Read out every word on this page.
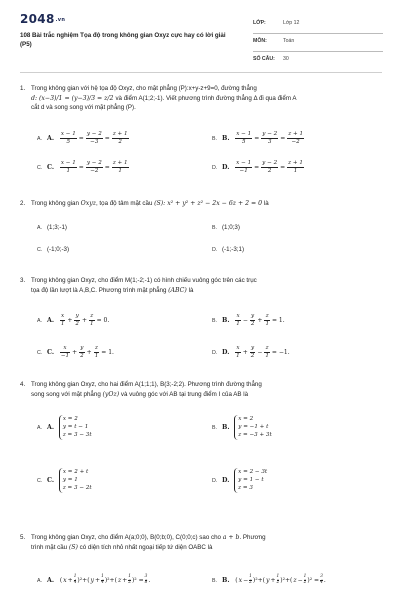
2048.vn
108 Bài trắc nghiệm Tọa độ trong không gian Oxyz cực hay có lời giải (P5)
LỚP:	Lớp 12
MÔN:	Toán
SỐ CÂU: 30
1. Trong không gian với hệ tọa độ Oxyz, cho mặt phẳng (P):x+y-z+9=0, đường thẳng
d: (x−3)/1 = (y−3)/3 = z/2 và điểm A(1;2;-1). Viết phương trình đường thẳng Δ đi qua điểm A
cắt d và song song với mặt phẳng (P).
A. A. $\frac{x - 1}{5} = \frac{y - 2}{-3} = \frac{z + 1}{2}$	B. B. $\frac{x - 1}{5} = \frac{y - 2}{3} = \frac{z + 1}{-2}$
C. C. $\frac{x - 1}{1} = \frac{y - 2}{-2} = \frac{z + 1}{1}$	D. D. $\frac{x - 1}{-1} = \frac{y - 2}{2} = \frac{z + 1}{1}$
2. Trong không gian Oxyz, tọa độ tâm mặt cầu (S): x² + y² + z² − 2x − 6z + 2 = 0 là
A. (1;3;-1)	B. (1;0;3)
C. (-1;0;-3)	D. (-1;-3;1)
3. Trong không gian Oxyz, cho điểm M(1;-2;-1) có hình chiếu vuông góc trên các trục
tọa độ lần lượt là A,B,C. Phương trình mặt phẳng (ABC) là
A. A. $\frac{x}{1} + \frac{y}{2} + \frac{z}{1} = 0$.	B. B. $\frac{x}{1} - \frac{y}{2} + \frac{z}{1} = 1$.
C. C. $\frac{x}{-1} + \frac{y}{2} + \frac{z}{1} = 1$.	D. D. $\frac{x}{1} + \frac{y}{2} - \frac{z}{1} = -1$.
4. Trong không gian Oxyz, cho hai điểm A(1;1;1), B(3;-2;2). Phương trình đường thẳng
song song với mặt phẳng (yOz) và vuông góc với AB tại trung điểm I của AB là
A. A.
x = 2
y = t − 1
z = 3 − 3t
B. B.
x = 2
y = −1 + t
z = −3 + 3t
C. C.
x = 2 + t
y = 1
z = 3 − 2t
D. D.
x = 2 − 3t
y = 1 − t
z = 3
5. Trong không gian Oxyz, cho điểm A(a;0;0), B(0;b;0), C(0;0;c) sao cho a + b. Phương
trình mặt cầu (S) có diện tích nhỏ nhất ngoại tiếp tứ diện OABC là
A. A. $(x+ \frac{1}{4} )^2+(y+ \frac{1}{4} )^2+(z+ \frac{1}{2} )^2 = \frac{3}{8}$ .	B. B. $(x- \frac{1}{2} )^2+(y+ \frac{1}{2} )^2+(z- \frac{1}{2} )^2 = \frac{3}{4}$ .
